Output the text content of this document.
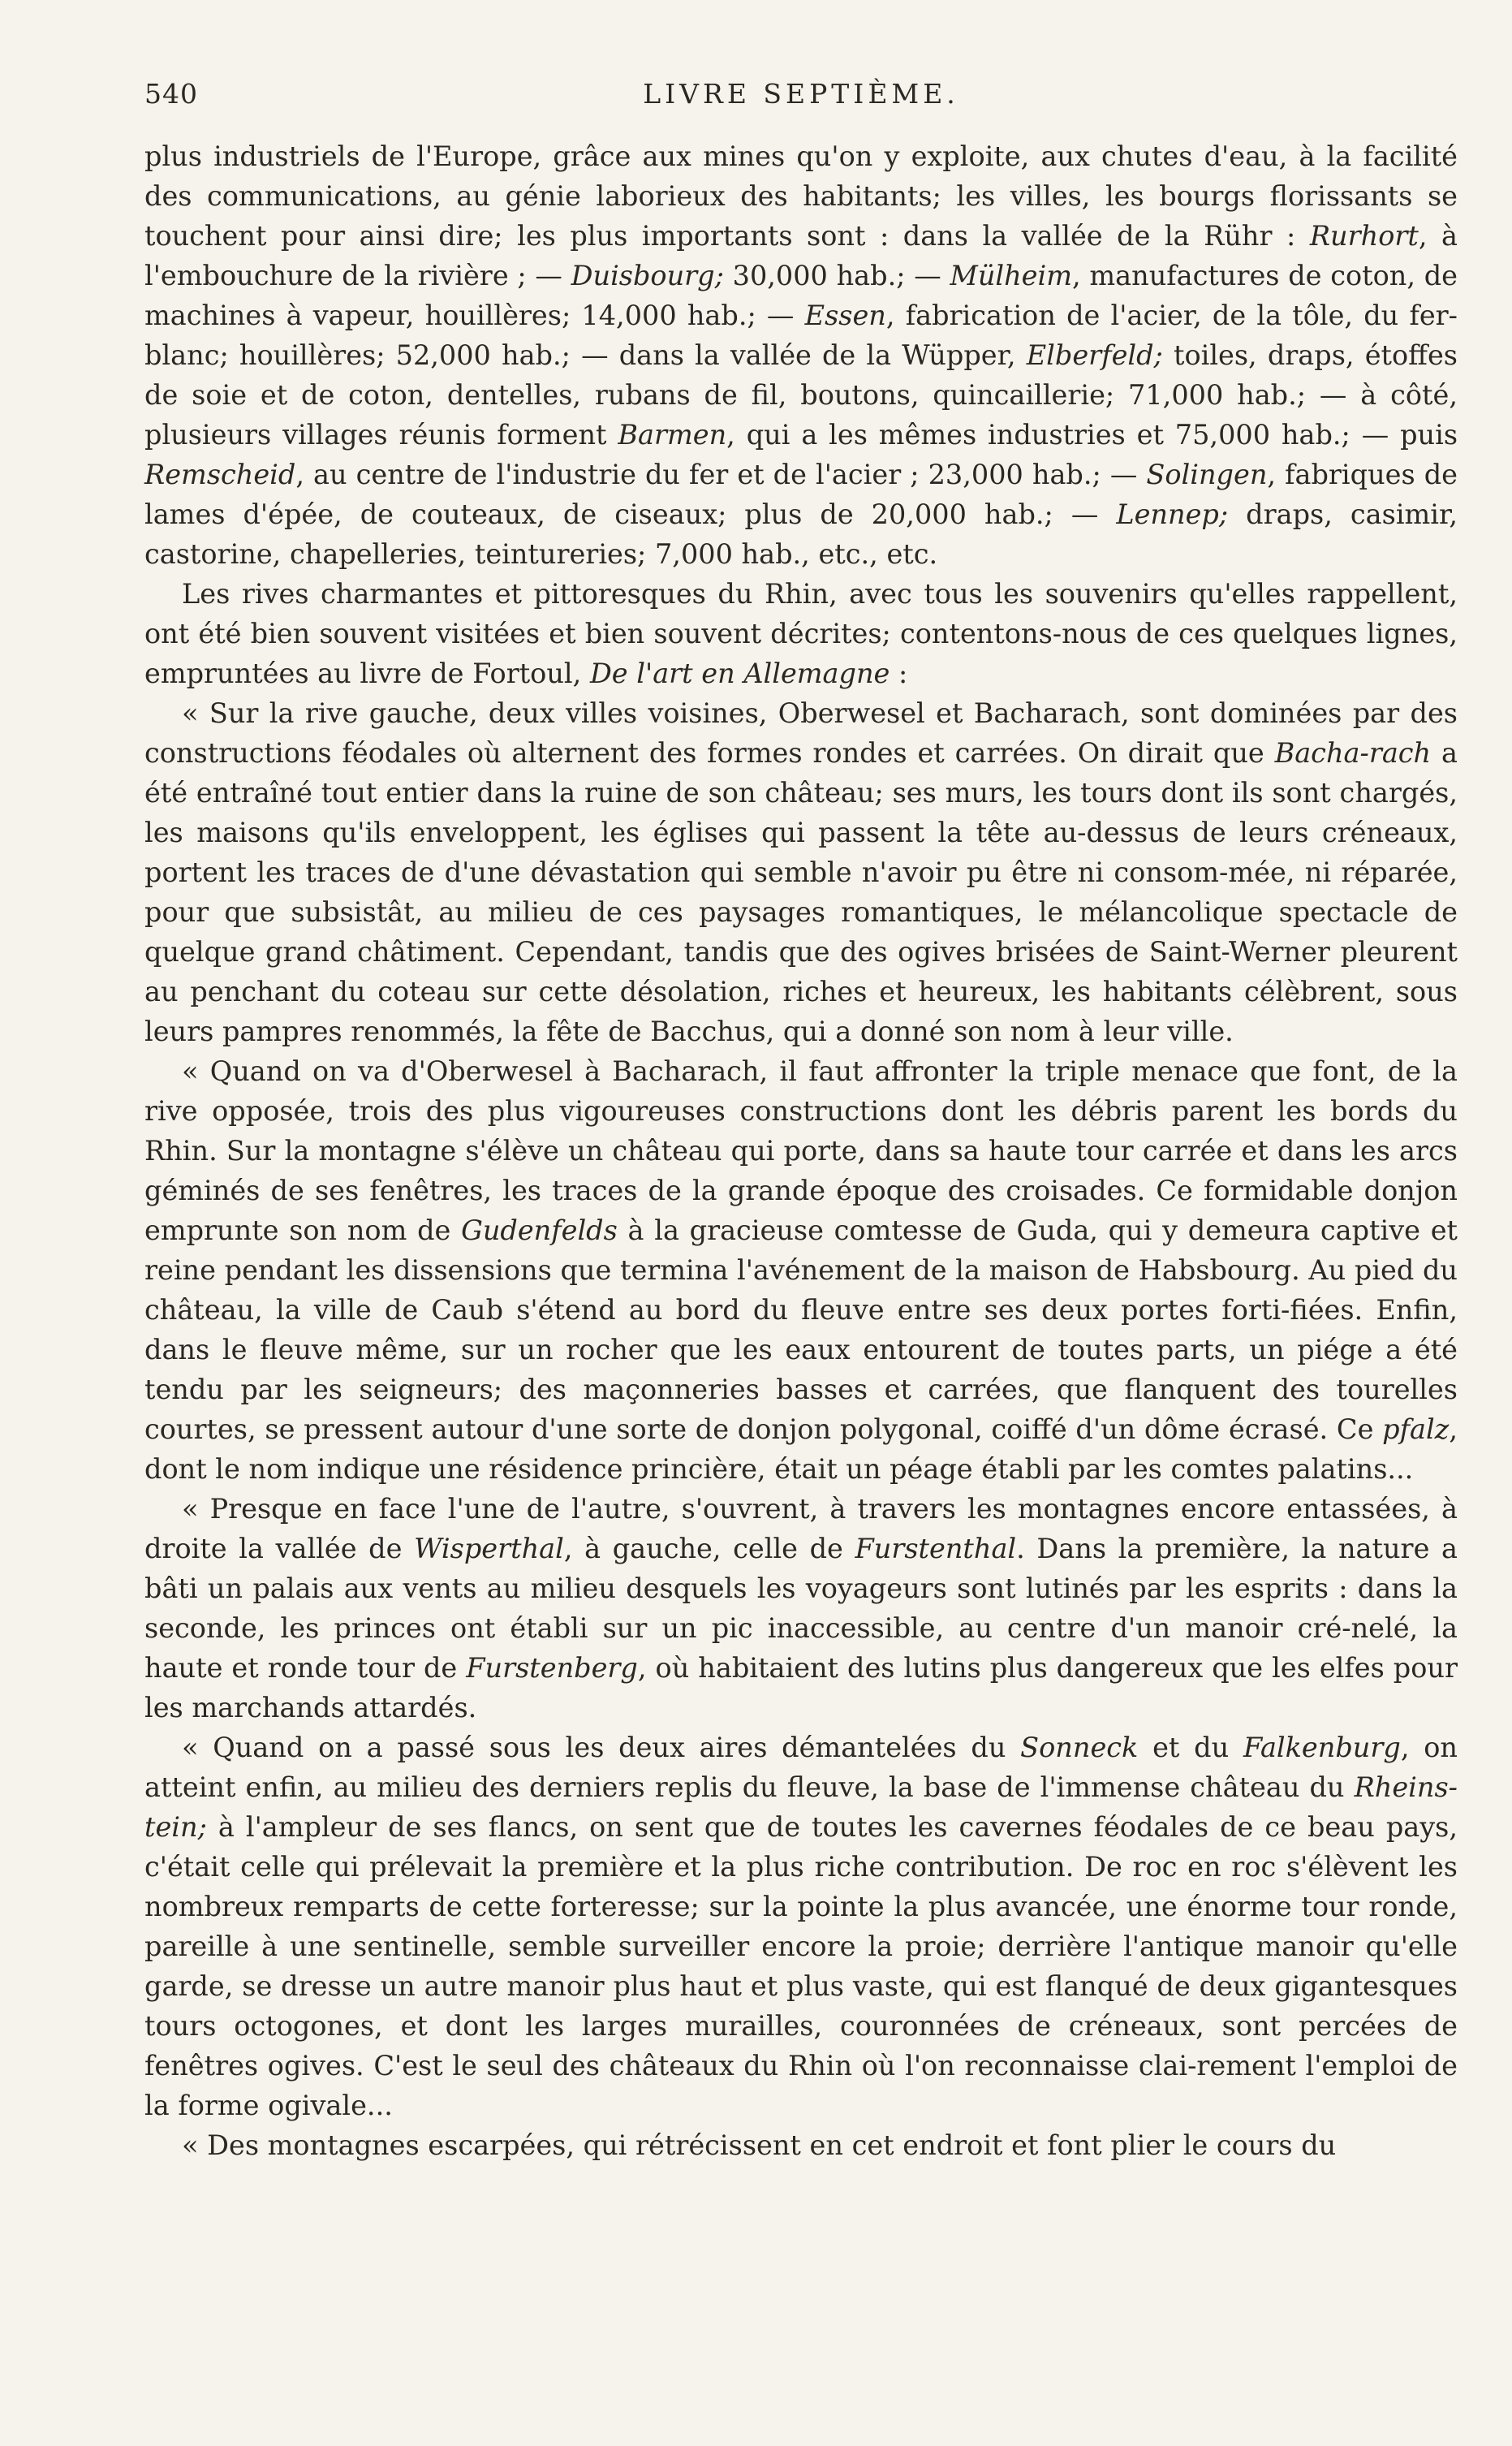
540	LIVRE SEPTIÈME.

plus industriels de l'Europe, grâce aux mines qu'on y exploite, aux chutes d'eau, à la facilité des communications, au génie laborieux des habitants; les villes, les bourgs florissants se touchent pour ainsi dire; les plus importants sont : dans la vallée de la Rühr : Rurhort, à l'embouchure de la rivière ; — Duisbourg; 30,000 hab.; — Mülheim, manufactures de coton, de machines à vapeur, houillères; 14,000 hab.; — Essen, fabrication de l'acier, de la tôle, du fer-blanc; houillères; 52,000 hab.; — dans la vallée de la Wüpper, Elberfeld; toiles, draps, étoffes de soie et de coton, dentelles, rubans de fil, boutons, quincaillerie; 71,000 hab.; — à côté, plusieurs villages réunis forment Barmen, qui a les mêmes industries et 75,000 hab.; — puis Remscheid, au centre de l'industrie du fer et de l'acier ; 23,000 hab.; — Solingen, fabriques de lames d'épée, de couteaux, de ciseaux; plus de 20,000 hab.; — Lennep; draps, casimir, castorine, chapelleries, teintureries; 7,000 hab., etc., etc.

Les rives charmantes et pittoresques du Rhin, avec tous les souvenirs qu'elles rappellent, ont été bien souvent visitées et bien souvent décrites; contentons-nous de ces quelques lignes, empruntées au livre de Fortoul, De l'art en Allemagne :

« Sur la rive gauche, deux villes voisines, Oberwesel et Bacharach, sont dominées par des constructions féodales où alternent des formes rondes et carrées. On dirait que Bacha-rach a été entraîné tout entier dans la ruine de son château; ses murs, les tours dont ils sont chargés, les maisons qu'ils enveloppent, les églises qui passent la tête au-dessus de leurs créneaux, portent les traces de d'une dévastation qui semble n'avoir pu être ni consom-mée, ni réparée, pour que subsistât, au milieu de ces paysages romantiques, le mélancolique spectacle de quelque grand châtiment. Cependant, tandis que des ogives brisées de Saint-Werner pleurent au penchant du coteau sur cette désolation, riches et heureux, les habitants célèbrent, sous leurs pampres renommés, la fête de Bacchus, qui a donné son nom à leur ville.

« Quand on va d'Oberwesel à Bacharach, il faut affronter la triple menace que font, de la rive opposée, trois des plus vigoureuses constructions dont les débris parent les bords du Rhin. Sur la montagne s'élève un château qui porte, dans sa haute tour carrée et dans les arcs géminés de ses fenêtres, les traces de la grande époque des croisades. Ce formidable donjon emprunte son nom de Gudenfelds à la gracieuse comtesse de Guda, qui y demeura captive et reine pendant les dissensions que termina l'avénement de la maison de Habsbourg. Au pied du château, la ville de Caub s'étend au bord du fleuve entre ses deux portes forti-fiées. Enfin, dans le fleuve même, sur un rocher que les eaux entourent de toutes parts, un piége a été tendu par les seigneurs; des maçonneries basses et carrées, que flanquent des tourelles courtes, se pressent autour d'une sorte de donjon polygonal, coiffé d'un dôme écrasé. Ce pfalz, dont le nom indique une résidence princière, était un péage établi par les comtes palatins...

« Presque en face l'une de l'autre, s'ouvrent, à travers les montagnes encore entassées, à droite la vallée de Wisperthal, à gauche, celle de Furstenthal. Dans la première, la nature a bâti un palais aux vents au milieu desquels les voyageurs sont lutinés par les esprits : dans la seconde, les princes ont établi sur un pic inaccessible, au centre d'un manoir cré-nelé, la haute et ronde tour de Furstenberg, où habitaient des lutins plus dangereux que les elfes pour les marchands attardés.

« Quand on a passé sous les deux aires démantelées du Sonneck et du Falkenburg, on atteint enfin, au milieu des derniers replis du fleuve, la base de l'immense château du Rheins-tein; à l'ampleur de ses flancs, on sent que de toutes les cavernes féodales de ce beau pays, c'était celle qui prélevait la première et la plus riche contribution. De roc en roc s'élèvent les nombreux remparts de cette forteresse; sur la pointe la plus avancée, une énorme tour ronde, pareille à une sentinelle, semble surveiller encore la proie; derrière l'antique manoir qu'elle garde, se dresse un autre manoir plus haut et plus vaste, qui est flanqué de deux gigantesques tours octogones, et dont les larges murailles, couronnées de créneaux, sont percées de fenêtres ogives. C'est le seul des châteaux du Rhin où l'on reconnaisse clai-rement l'emploi de la forme ogivale...

« Des montagnes escarpées, qui rétrécissent en cet endroit et font plier le cours du
